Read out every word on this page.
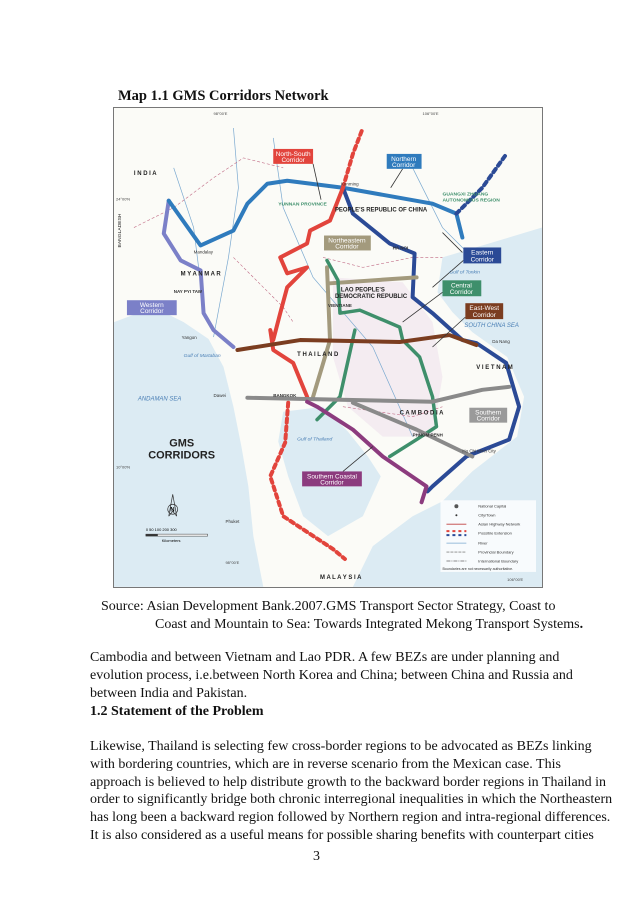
Map 1.1 GMS Corridors Network
North-South
Corridor	Northern
Corridor
Northeastern
Corridor
Eastern
Corridor
Central
Corridor
East-West
Corridor
Western
Corridor
Southern
Corridor
Southern Coastal
Corridor
I N D I A
M Y A N M A R
PEOPLE'S REPUBLIC OF CHINA
LAO PEOPLE'S
DEMOCRATIC REPUBLIC
T H A I L A N D
V I E T N A M
C A M B O D I A
M A L A Y S I A
YUNNAN PROVINCE
GUANGXI ZHUANG
AUTONOMOUS REGION
BANGLADESH
ANDAMAN SEA
SOUTH CHINA SEA
Gulf of Thailand
Gulf of Tonkin
Gulf of Martaban
Kunming
HA NOI
VIENTIANE
BANGKOK
PHNOM PENH
NAY PYI TAW
Mandalay
Da Nang
Ho Chi Minh City
Yangon
Dawei
Phuket
98°00'E	106°00'E
24°00'N
10°00'N
98°00'E
106°00'E
GMS
CORRIDORS
N
0 50 100 200 300
Kilometers
National Capital
City/Town
Asian Highway Network
Possible Extension
River
Provincial Boundary
International Boundary
Boundaries are not necessarily authoritative.
Source: Asian Development Bank.2007.GMS Transport Sector Strategy, Coast to
Coast and Mountain to Sea: Towards Integrated Mekong Transport Systems.
Cambodia and between Vietnam and Lao PDR. A few BEZs are under planning and
evolution process, i.e.between North Korea and China; between China and Russia and
between India and Pakistan.
1.2 Statement of the Problem
Likewise, Thailand is selecting few cross-border regions to be advocated as BEZs linking
with bordering countries, which are in reverse scenario from the Mexican case. This
approach is believed to help distribute growth to the backward border regions in Thailand in
order to significantly bridge both chronic interregional inequalities in which the Northeastern
has long been a backward region followed by Northern region and intra-regional differences.
It is also considered as a useful means for possible sharing benefits with counterpart cities
3
